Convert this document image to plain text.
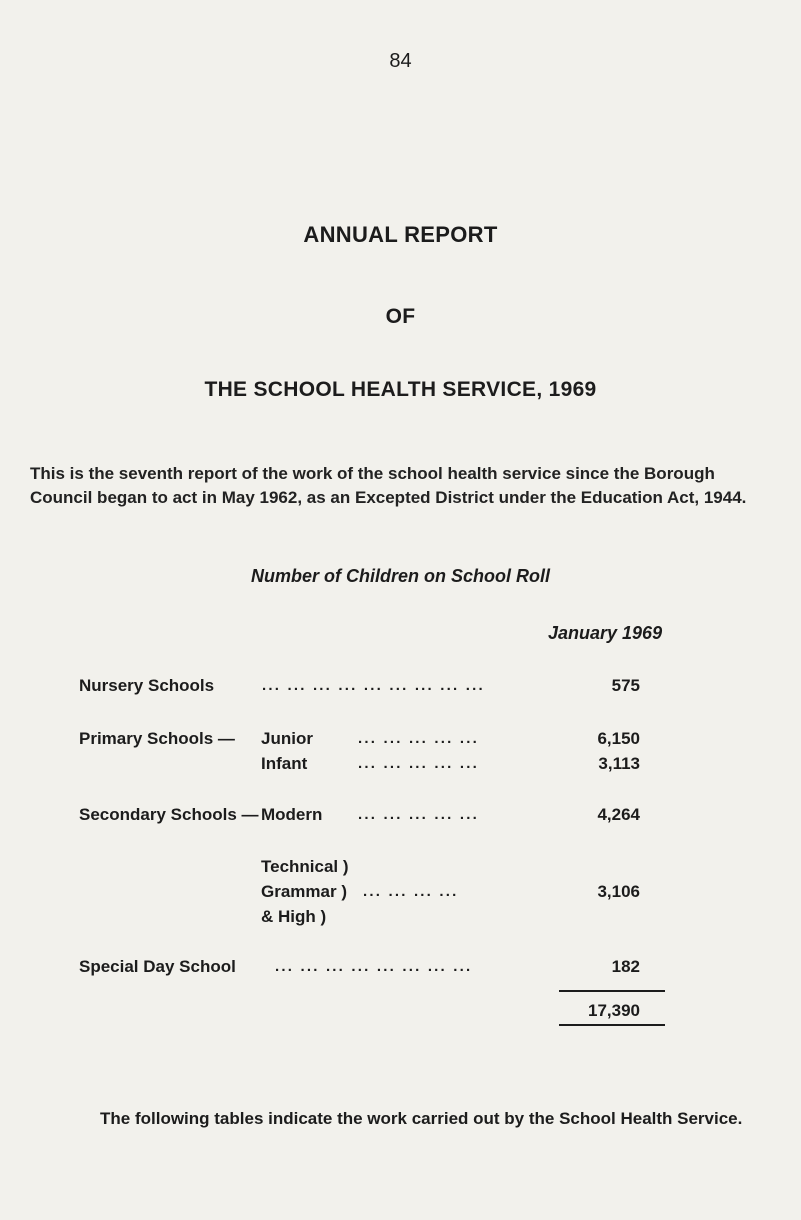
84
ANNUAL REPORT
OF
THE SCHOOL HEALTH SERVICE, 1969

This is the seventh report of the work of the school health service since the Borough Council began to act in May 1962, as an Excepted District under the Education Act, 1944.

Number of Children on School Roll
January 1969
Nursery Schools	... ... ... ... ... ... ... ... ...	575
Primary Schools — Junior	... ... ... ... ...	6,150
Infant	... ... ... ... ...	3,113
Secondary Schools — Modern ... ... ... ... ...	4,264
Technical )
Grammar ) ... ... ... ...	3,106
& High )
Special Day School	... ... ... ... ... ... ... ...	182
17,390
The following tables indicate the work carried out by the School Health Service.
